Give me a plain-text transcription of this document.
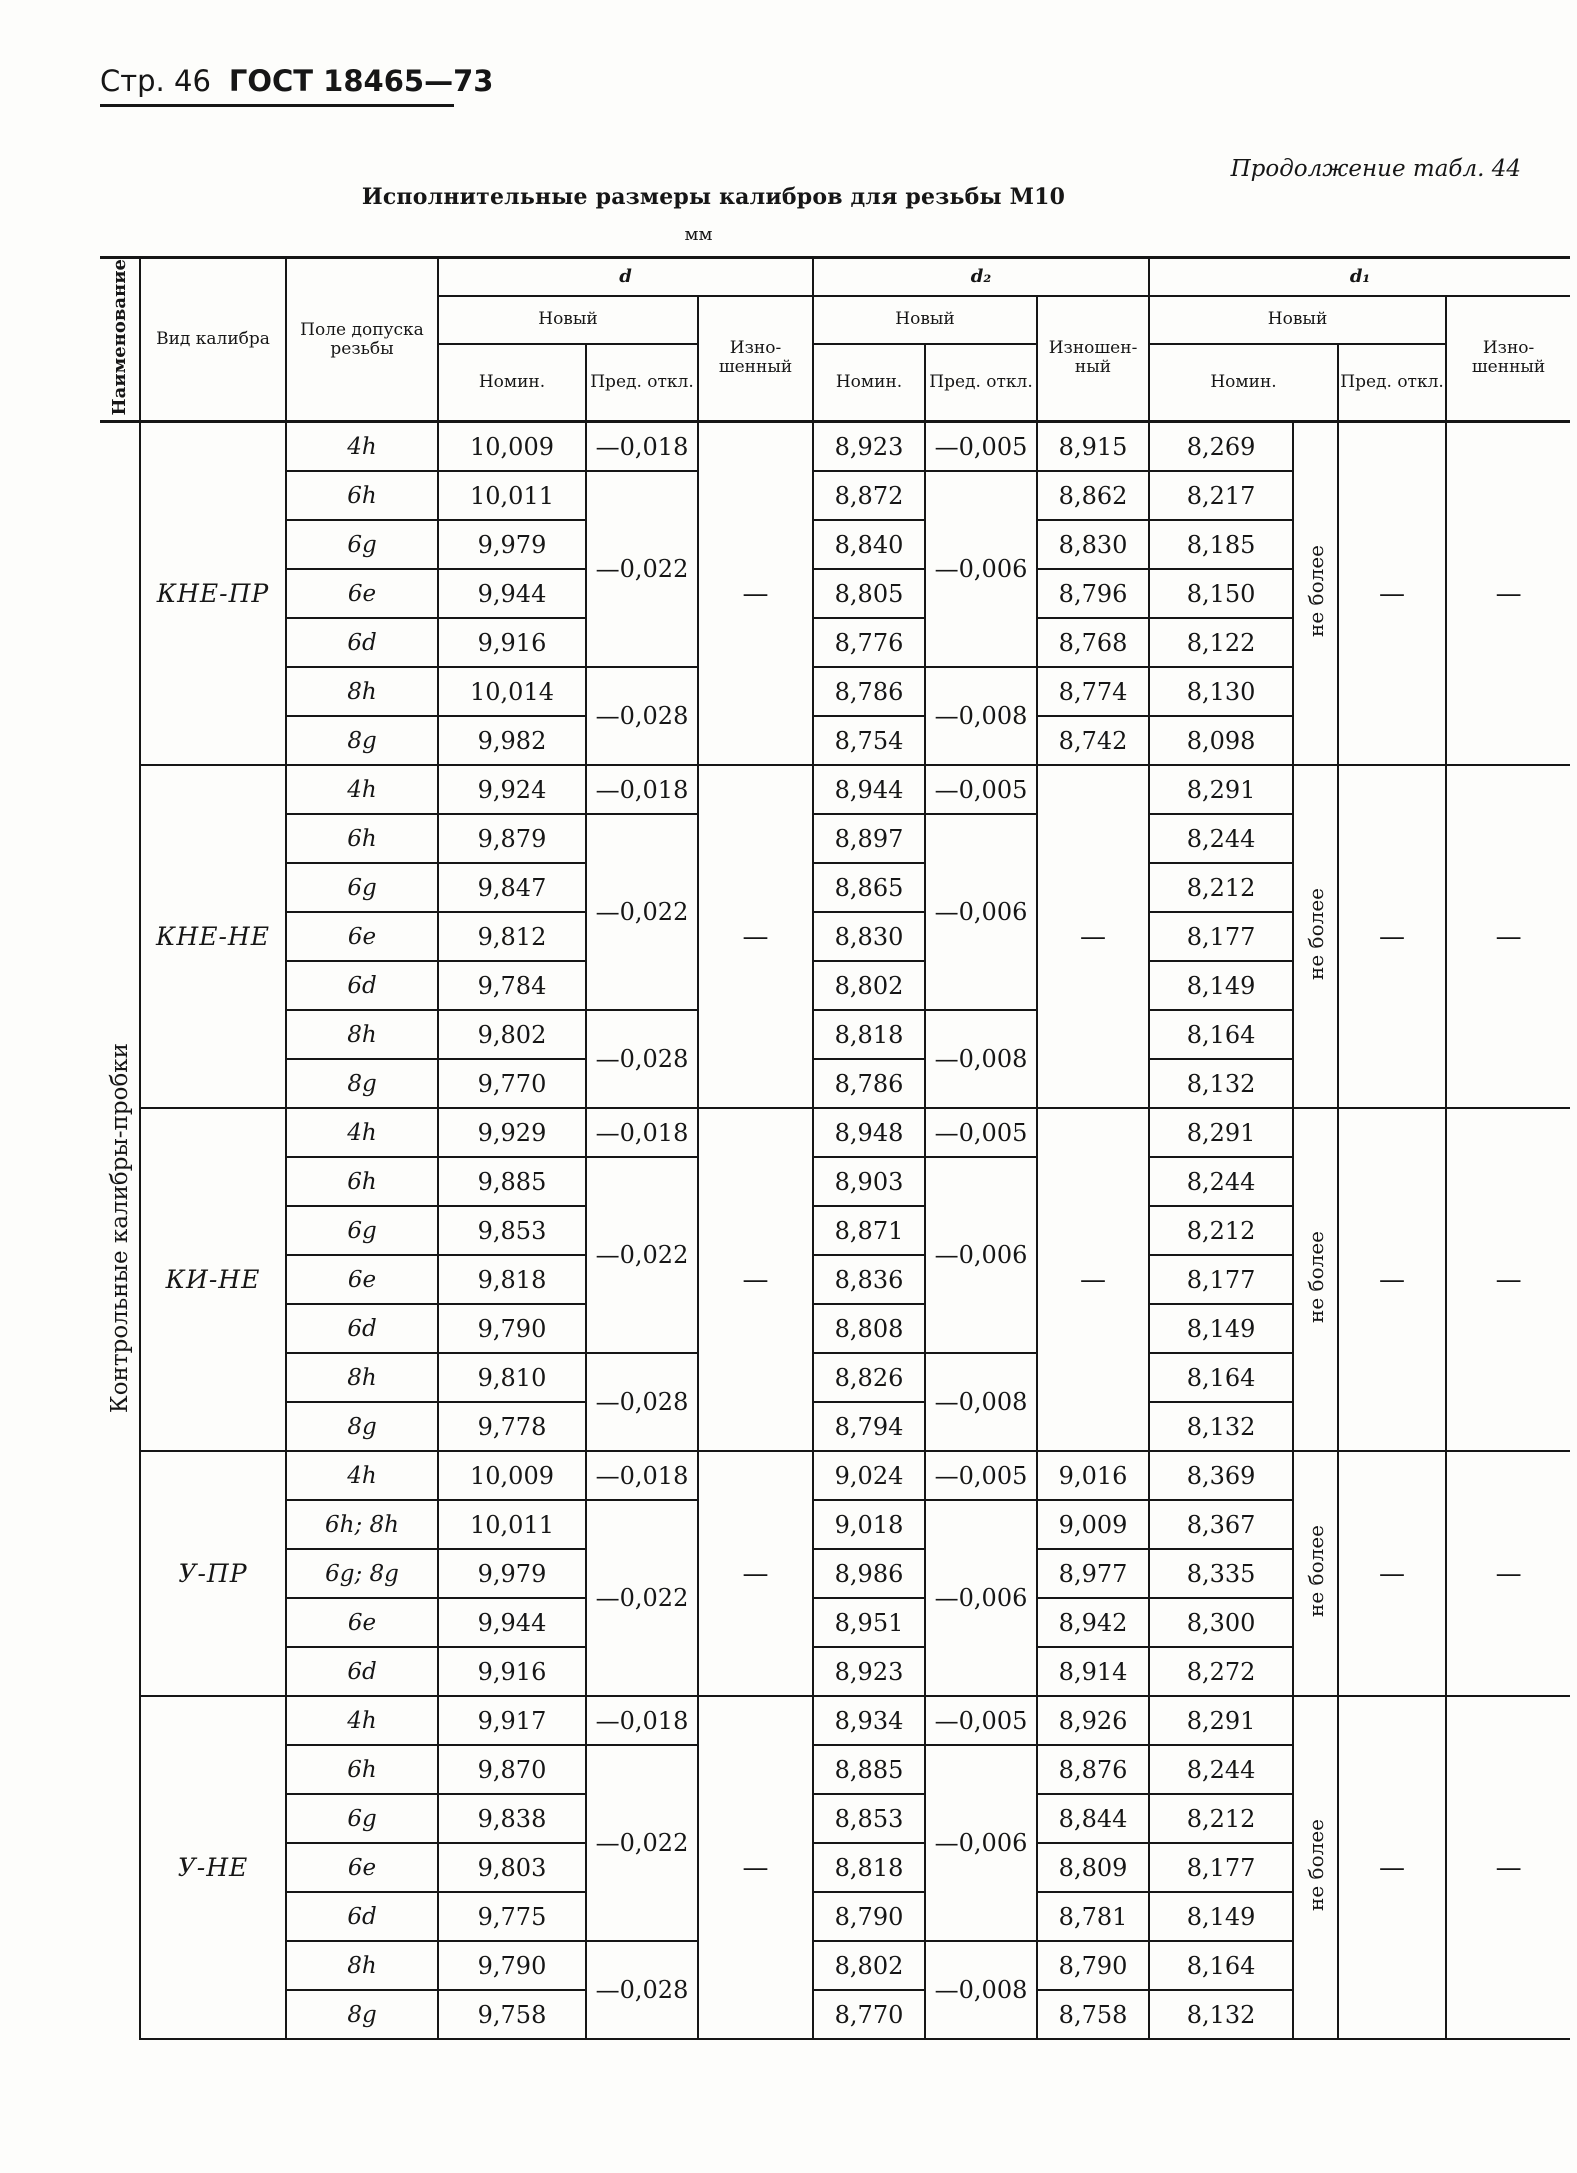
Стр. 46 ГОСТ 18465—73
Продолжение табл. 44
Исполнительные размеры калибров для резьбы М10
мм
Наименование	Вид калибра	Поле допуска резьбы	d			d₂			d₁			
			Новый		Изно-шенный	Новый		Изношен-ный	Новый			Изно-шенный
			Номин.	Пред. откл.		Номин.	Пред. откл.		Номин.		Пред. откл.	
Контрольные калибры-пробки	КНЕ-ПР	4h	10,009	—0,018	—	8,923	—0,005	8,915	8,269	не более	—	—
		6h	10,011	—0,022		8,872	—0,006	8,862	8,217			
		6g	9,979			8,840		8,830	8,185			
		6e	9,944			8,805		8,796	8,150			
		6d	9,916			8,776		8,768	8,122			
		8h	10,014	—0,028		8,786	—0,008	8,774	8,130			
		8g	9,982			8,754		8,742	8,098			
	КНЕ-НЕ	4h	9,924	—0,018	—	8,944	—0,005	—	8,291	не более	—	—
		6h	9,879	—0,022		8,897	—0,006		8,244			
		6g	9,847			8,865			8,212			
		6e	9,812			8,830			8,177			
		6d	9,784			8,802			8,149			
		8h	9,802	—0,028		8,818	—0,008		8,164			
		8g	9,770			8,786			8,132			
	КИ-НЕ	4h	9,929	—0,018	—	8,948	—0,005	—	8,291	не более	—	—
		6h	9,885	—0,022		8,903	—0,006		8,244			
		6g	9,853			8,871			8,212			
		6e	9,818			8,836			8,177			
		6d	9,790			8,808			8,149			
		8h	9,810	—0,028		8,826	—0,008		8,164			
		8g	9,778			8,794			8,132			
	У-ПР	4h	10,009	—0,018	—	9,024	—0,005	9,016	8,369	не более	—	—
		6h; 8h	10,011	—0,022		9,018	—0,006	9,009	8,367			
		6g; 8g	9,979			8,986		8,977	8,335			
		6e	9,944			8,951		8,942	8,300			
		6d	9,916			8,923		8,914	8,272			
	У-НЕ	4h	9,917	—0,018	—	8,934	—0,005	8,926	8,291	не более	—	—
		6h	9,870	—0,022		8,885	—0,006	8,876	8,244			
		6g	9,838			8,853		8,844	8,212			
		6e	9,803			8,818		8,809	8,177			
		6d	9,775			8,790		8,781	8,149			
		8h	9,790	—0,028		8,802	—0,008	8,790	8,164			
		8g	9,758			8,770		8,758	8,132			
